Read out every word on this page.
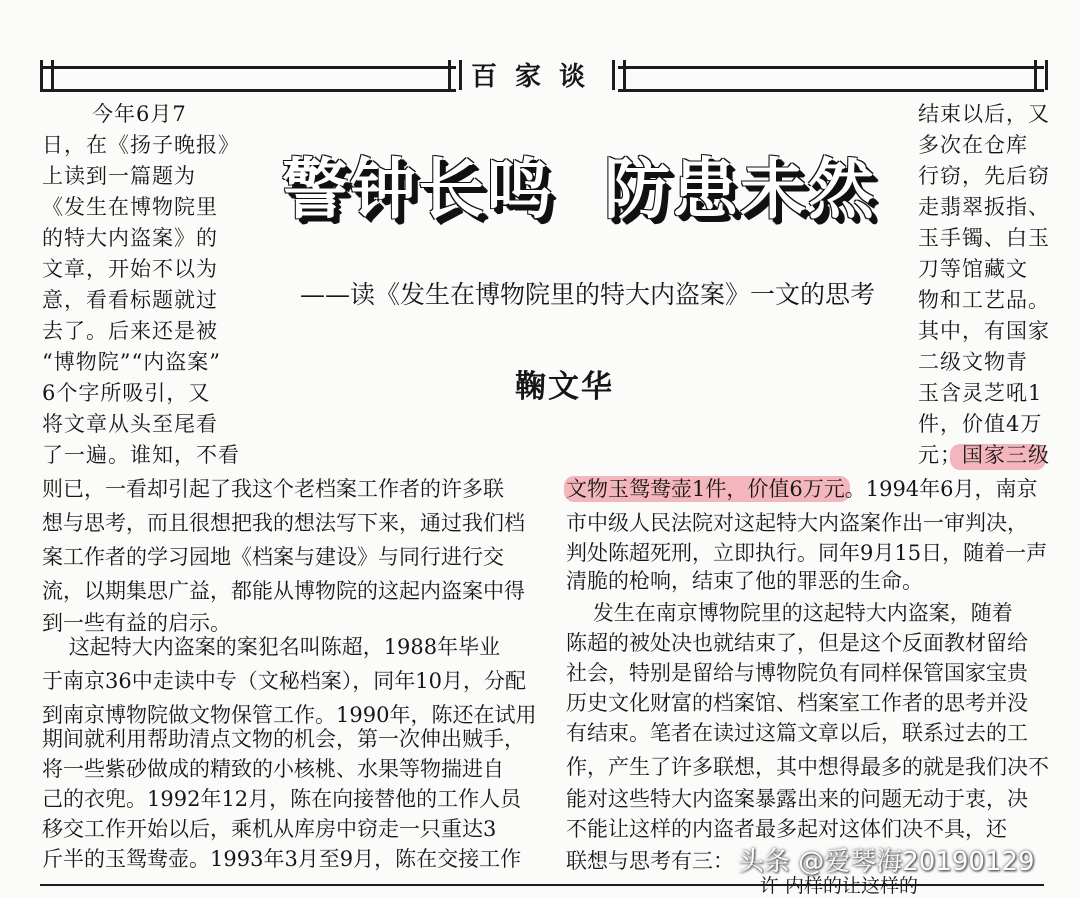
百家谈
警钟长鸣  防患未然
——读《发生在博物院里的特大内盗案》一文的思考
鞠文华
今年6月7
日，在《扬子晚报》
上读到一篇题为
《发生在博物院里
的特大内盗案》的
文章，开始不以为
意，看看标题就过
去了。后来还是被
“博物院”“内盗案”
6个字所吸引，又
将文章从头至尾看
了一遍。谁知，不看
结束以后，又
多次在仓库
行窃，先后窃
走翡翠扳指、
玉手镯、白玉
刀等馆藏文
物和工艺品。
其中，有国家
二级文物青
玉含灵芝吼1
件，价值4万
则已，一看却引起了我这个老档案工作者的许多联
想与思考，而且很想把我的想法写下来，通过我们档
案工作者的学习园地《档案与建设》与同行进行交
流，以期集思广益，都能从博物院的这起内盗案中得
到一些有益的启示。
这起特大内盗案的案犯名叫陈超，1988年毕业
于南京36中走读中专（文秘档案），同年10月，分配
到南京博物院做文物保管工作。1990年，陈还在试用
期间就利用帮助清点文物的机会，第一次伸出贼手，
将一些紫砂做成的精致的小核桃、水果等物揣进自
己的衣兜。1992年12月，陈在向接替他的工作人员
移交工作开始以后，乘机从库房中窃走一只重达3
斤半的玉鸳鸯壶。1993年3月至9月，陈在交接工作
文物玉鸳鸯壶1件，价值6万元。1994年6月，南京
市中级人民法院对这起特大内盗案作出一审判决，
判处陈超死刑，立即执行。同年9月15日，随着一声
清脆的枪响，结束了他的罪恶的生命。
发生在南京博物院里的这起特大内盗案，随着
陈超的被处决也就结束了，但是这个反面教材留给
社会，特别是留给与博物院负有同样保管国家宝贵
历史文化财富的档案馆、档案室工作者的思考并没
有结束。笔者在读过这篇文章以后，联系过去的工
作，产生了许多联想，其中想得最多的就是我们决不
能对这些特大内盗案暴露出来的问题无动于衷，决
不能让这样的内盗者最多起对这体们决不具，还
联想与思考有三：
许 内样的让这样的
头条 @爱琴海20190129
元；国家三级
